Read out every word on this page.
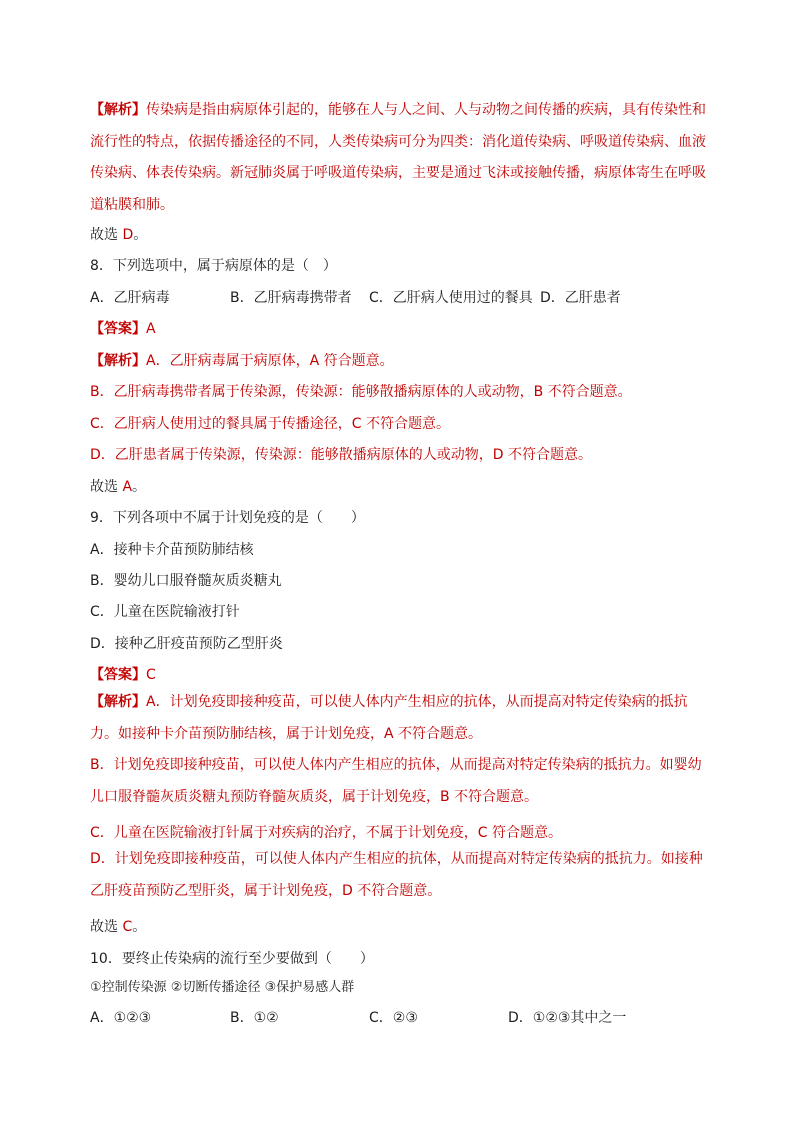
【解析】传染病是指由病原体引起的，能够在人与人之间、人与动物之间传播的疾病，具有传染性和流行性的特点，依据传播途径的不同，人类传染病可分为四类：消化道传染病、呼吸道传染病、血液传染病、体表传染病。新冠肺炎属于呼吸道传染病，主要是通过飞沫或接触传播，病原体寄生在呼吸道粘膜和肺。

故选 D。
8．下列选项中，属于病原体的是（　）
A．乙肝病毒	B．乙肝病毒携带者 C．乙肝病人使用过的餐具 D．乙肝患者
【答案】A
【解析】A．乙肝病毒属于病原体，A 符合题意。
B．乙肝病毒携带者属于传染源，传染源：能够散播病原体的人或动物，B 不符合题意。
C．乙肝病人使用过的餐具属于传播途径，C 不符合题意。
D．乙肝患者属于传染源，传染源：能够散播病原体的人或动物，D 不符合题意。
故选 A。
9．下列各项中不属于计划免疫的是（　　）
A．接种卡介苗预防肺结核
B．婴幼儿口服脊髓灰质炎糖丸
C．儿童在医院输液打针
D．接种乙肝疫苗预防乙型肝炎
【答案】C

【解析】A．计划免疫即接种疫苗，可以使人体内产生相应的抗体，从而提高对特定传染病的抵抗力。如接种卡介苗预防肺结核，属于计划免疫，A 不符合题意。

B．计划免疫即接种疫苗，可以使人体内产生相应的抗体，从而提高对特定传染病的抵抗力。如婴幼儿口服脊髓灰质炎糖丸预防脊髓灰质炎，属于计划免疫，B 不符合题意。

C．儿童在医院输液打针属于对疾病的治疗，不属于计划免疫，C 符合题意。

D．计划免疫即接种疫苗，可以使人体内产生相应的抗体，从而提高对特定传染病的抵抗力。如接种乙肝疫苗预防乙型肝炎，属于计划免疫，D 不符合题意。

故选 C。
10．要终止传染病的流行至少要做到（　　）
①控制传染源 ②切断传播途径 ③保护易感人群
A．①②③	B．①②	C．②③	D．①②③其中之一
